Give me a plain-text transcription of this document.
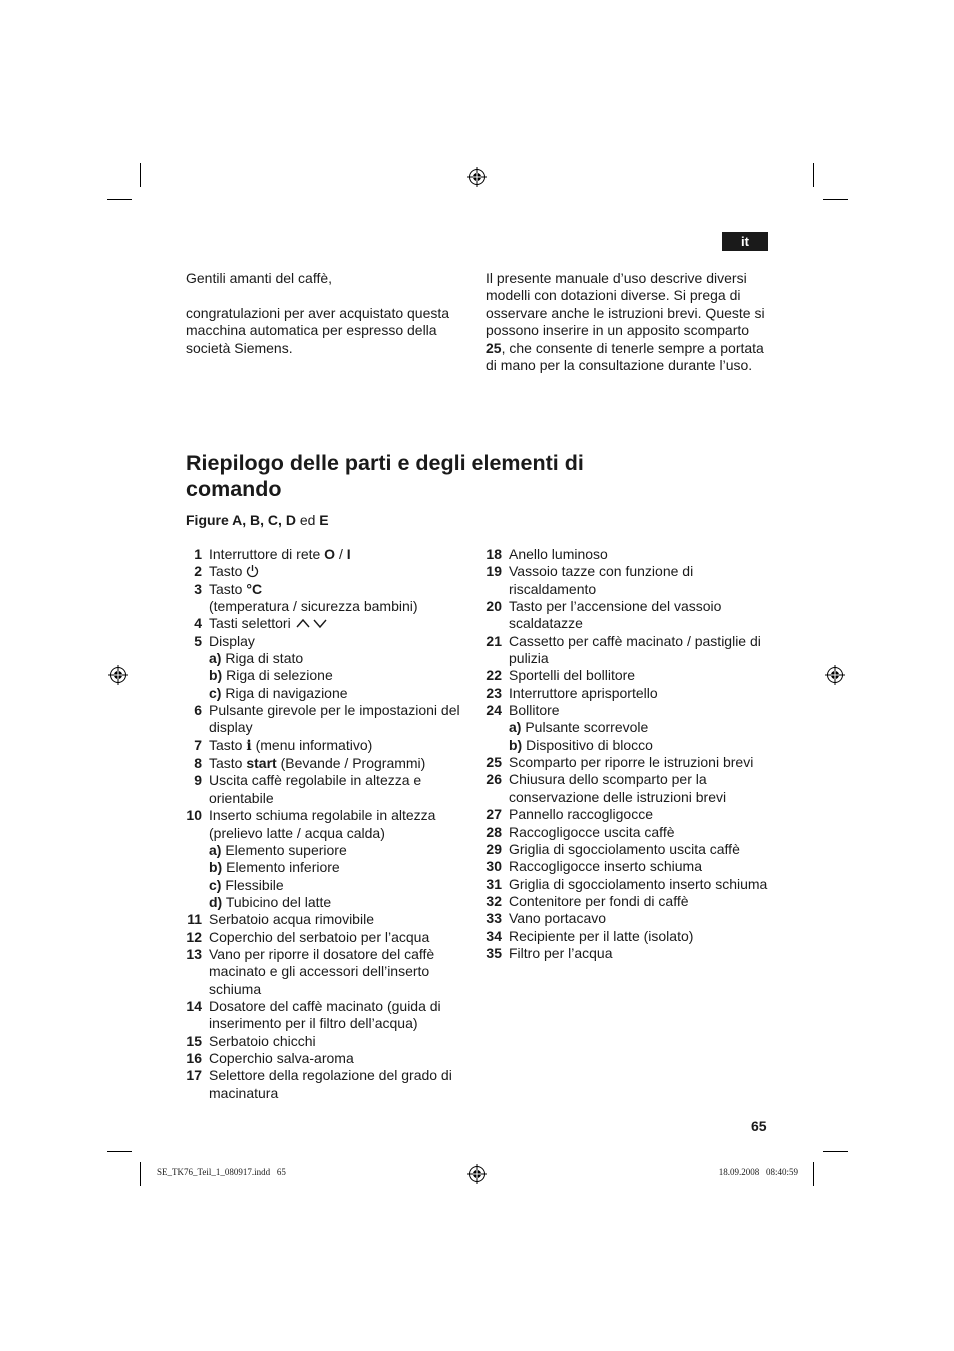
it

Gentili amanti del caffè,

congratulazioni per aver acquistato questa macchina automatica per espresso della società Siemens.

Il presente manuale d’uso descrive diversi modelli con dotazioni diverse. Si prega di osservare anche le istruzioni brevi. Queste si possono inserire in un apposito scomparto 25, che consente di tenerle sempre a portata di mano per la consultazione durante l’uso.

Riepilogo delle parti e degli elementi di comando
Figure A, B, C, D ed E
1 Interruttore di rete O / I
2 Tasto
3 Tasto °C
(temperatura / sicurezza bambini)
4 Tasti selettori
5 Display
a) Riga di stato
b) Riga di selezione
c) Riga di navigazione
6 Pulsante girevole per le impostazioni del display
7 Tasto i (menu informativo)
8 Tasto start (Bevande / Programmi)
9 Uscita caffè regolabile in altezza e orientabile
10 Inserto schiuma regolabile in altezza (prelievo latte / acqua calda)
a) Elemento superiore
b) Elemento inferiore
c) Flessibile
d) Tubicino del latte
11 Serbatoio acqua rimovibile
12 Coperchio del serbatoio per l’acqua
13 Vano per riporre il dosatore del caffè macinato e gli accessori dell’inserto schiuma
14 Dosatore del caffè macinato (guida di inserimento per il filtro dell’acqua)
15 Serbatoio chicchi
16 Coperchio salva-aroma
17 Selettore della regolazione del grado di macinatura
18 Anello luminoso
19 Vassoio tazze con funzione di riscaldamento
20 Tasto per l’accensione del vassoio scaldatazze
21 Cassetto per caffè macinato / pastiglie di pulizia
22 Sportelli del bollitore
23 Interruttore aprisportello
24 Bollitore
a) Pulsante scorrevole
b) Dispositivo di blocco
25 Scomparto per riporre le istruzioni brevi
26 Chiusura dello scomparto per la conservazione delle istruzioni brevi
27 Pannello raccogligocce
28 Raccogligocce uscita caffè
29 Griglia di sgocciolamento uscita caffè
30 Raccogligocce inserto schiuma
31 Griglia di sgocciolamento inserto schiuma
32 Contenitore per fondi di caffè
33 Vano portacavo
34 Recipiente per il latte (isolato)
35 Filtro per l’acqua
65
SE_TK76_Teil_1_080917.indd   65	18.09.2008   08:40:59
